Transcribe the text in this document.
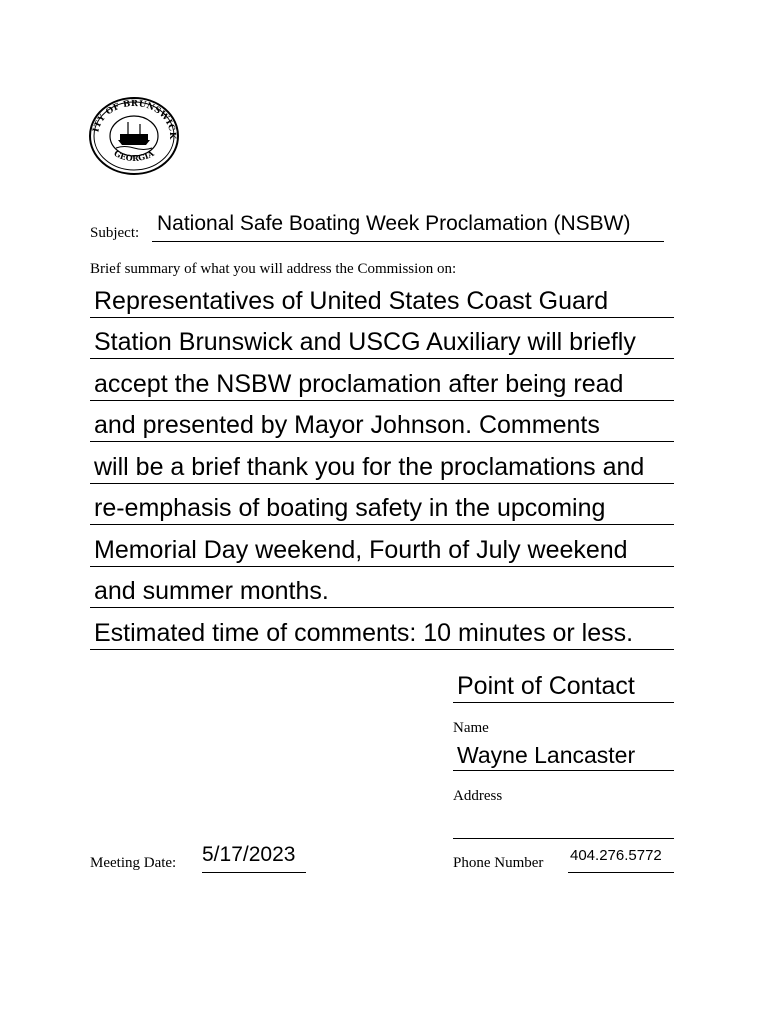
ITY OF BRUNSWICK
GEORGIA
Subject: National Safe Boating Week Proclamation (NSBW)
Brief summary of what you will address the Commission on:
Representatives of United States Coast Guard
Station Brunswick and USCG Auxiliary will briefly
accept the NSBW proclamation after being read
and presented by Mayor Johnson. Comments
will be a brief thank you for the proclamations and
re-emphasis of boating safety in the upcoming
Memorial Day weekend, Fourth of July weekend
and summer months.
Estimated time of comments: 10 minutes or less.
Point of Contact
Name
Wayne Lancaster
Address
Meeting Date: 5/17/2023	Phone Number 404.276.5772
